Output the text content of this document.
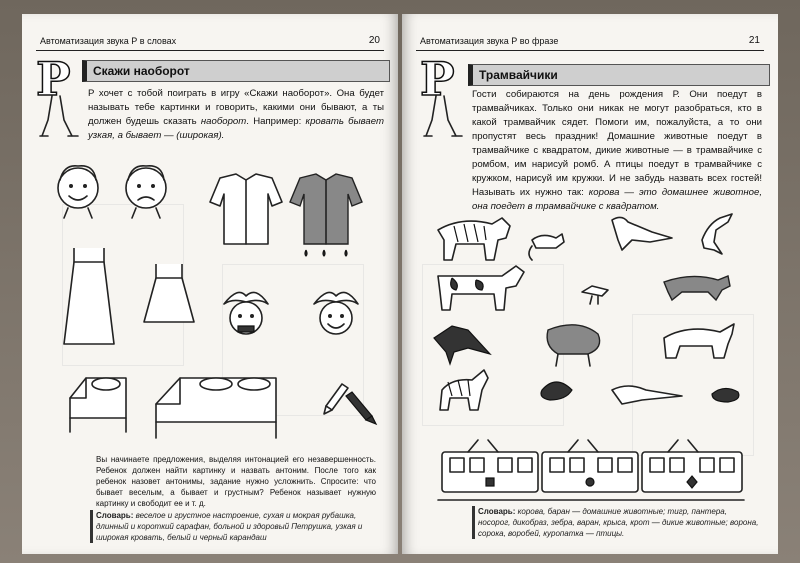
Автоматизация звука Р в словах	20
Р	Скажи наоборот
Р хочет с тобой поиграть в игру «Скажи наоборот». Она будет называть тебе картинки и говорить, какими они бывают, а ты должен будешь сказать наоборот. Например: кровать бывает узкая, а бывает — (широкая).
Вы начинаете предложения, выделяя интонацией его незавершенность. Ребенок должен найти картинку и назвать антоним. После того как ребенок назовет антонимы, задание нужно усложнить. Спросите: что бывает веселым, а бывает и грустным? Ребенок называет нужную картинку и свободит ее и т. д.
Словарь: веселое и грустное настроение, сухая и мокрая рубашка, длинный и короткий сарафан, больной и здоровый Петрушка, узкая и широкая кровать, белый и черный карандаш
Автоматизация звука Р во фразе	21
Р	Трамвайчики
Гости собираются на день рождения Р. Они поедут в трамвайчиках. Только они никак не могут разобраться, кто в какой трамвайчик сядет. Помоги им, пожалуйста, а то они пропустят весь праздник! Домашние животные поедут в трамвайчике с квадратом, дикие животные — в трамвайчике с ромбом, им нарисуй ромб. А птицы поедут в трамвайчике с кружком, нарисуй им кружки. И не забудь назвать всех гостей! Называть их нужно так: корова — это домашнее животное, она поедет в трамвайчике с квадратом.
Словарь: корова, баран — домашние животные; тигр, пантера, носорог, дикобраз, зебра, варан, крыса, крот — дикие животные; ворона, сорока, воробей, куропатка — птицы.
